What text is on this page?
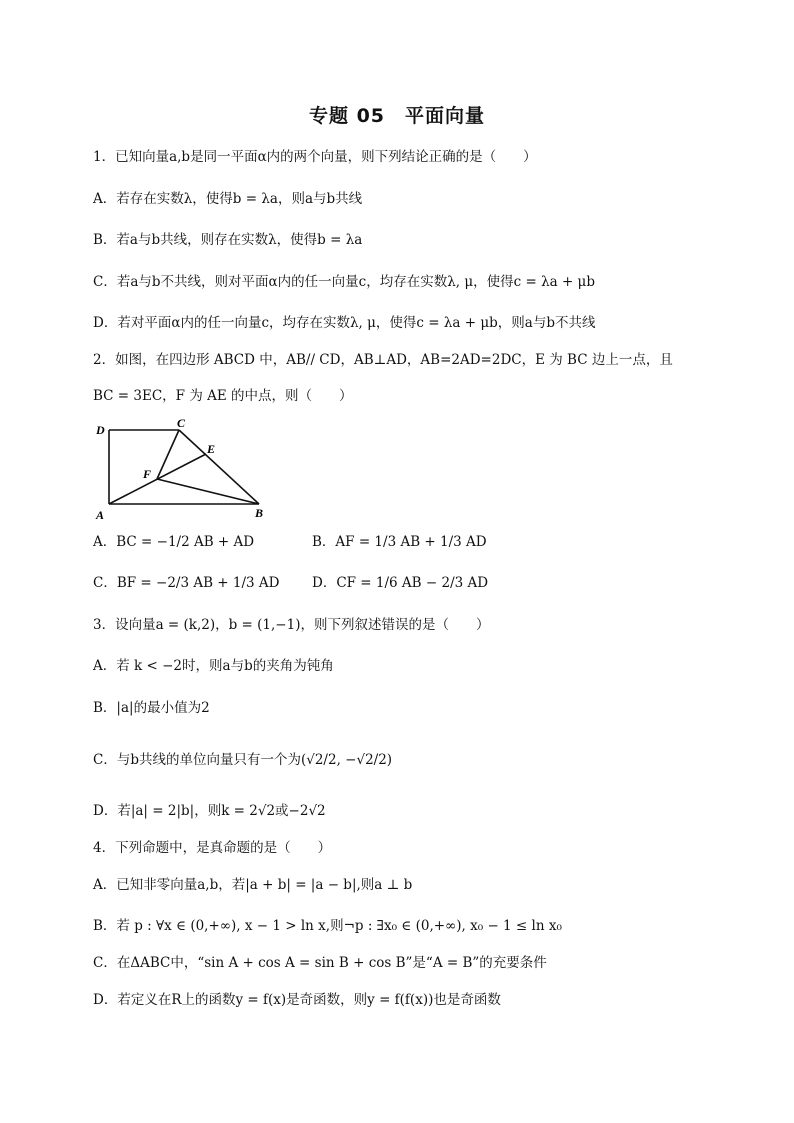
专题 05　平面向量
1．已知向量a,b是同一平面α内的两个向量，则下列结论正确的是（　　）
A．若存在实数λ，使得b = λa，则a与b共线
B．若a与b共线，则存在实数λ，使得b = λa
C．若a与b不共线，则对平面α内的任一向量c，均存在实数λ, μ，使得c = λa + μb
D．若对平面α内的任一向量c，均存在实数λ, μ，使得c = λa + μb，则a与b不共线
2．如图，在四边形 ABCD 中，AB// CD，AB⊥AD，AB=2AD=2DC，E 为 BC 边上一点，且
BC = 3EC，F 为 AE 的中点，则（　　）
D	C
E
F
A	B
A．BC = −1/2 AB + AD	B．AF = 1/3 AB + 1/3 AD
C．BF = −2/3 AB + 1/3 AD D．CF = 1/6 AB − 2/3 AD
3．设向量a = (k,2)，b = (1,−1)，则下列叙述错误的是（　　）
A．若 k < −2时，则a与b的夹角为钝角
B．|a|的最小值为2
C．与b共线的单位向量只有一个为(√2/2, −√2/2)
D．若|a| = 2|b|，则k = 2√2或−2√2
4．下列命题中，是真命题的是（　　）
A．已知非零向量a,b，若|a + b| = |a − b|,则a ⊥ b
B．若 p : ∀x ∈ (0,+∞), x − 1 > ln x,则¬p : ∃x₀ ∈ (0,+∞), x₀ − 1 ≤ ln x₀
C．在ΔABC中，“sin A + cos A = sin B + cos B”是“A = B”的充要条件
D．若定义在R上的函数y = f(x)是奇函数，则y = f(f(x))也是奇函数
